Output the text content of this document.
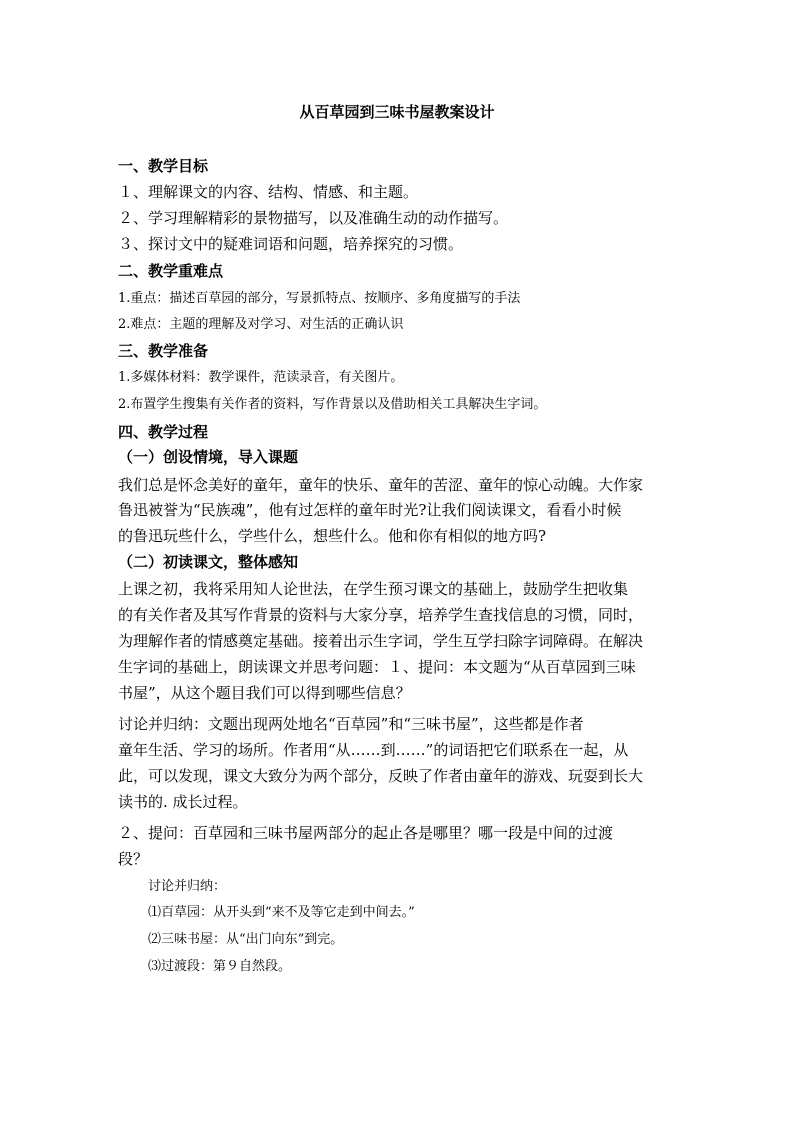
从百草园到三味书屋教案设计
一、教学目标
１、理解课文的内容、结构、情感、和主题。
２、学习理解精彩的景物描写，以及准确生动的动作描写。
３、探讨文中的疑难词语和问题，培养探究的习惯。
二、教学重难点
1.重点：描述百草园的部分，写景抓特点、按顺序、多角度描写的手法
2.难点：主题的理解及对学习、对生活的正确认识
三、教学准备
1.多媒体材料：教学课件，范读录音，有关图片。
2.布置学生搜集有关作者的资料，写作背景以及借助相关工具解决生字词。
四、教学过程
（一）创设情境，导入课题
我们总是怀念美好的童年，童年的快乐、童年的苦涩、童年的惊心动魄。大作家
鲁迅被誉为“民族魂”，他有过怎样的童年时光?让我们阅读课文，看看小时候
的鲁迅玩些什么，学些什么，想些什么。他和你有相似的地方吗?
（二）初读课文，整体感知
上课之初，我将采用知人论世法，在学生预习课文的基础上，鼓励学生把收集
的有关作者及其写作背景的资料与大家分享，培养学生查找信息的习惯，同时，
为理解作者的情感奠定基础。接着出示生字词，学生互学扫除字词障碍。在解决
生字词的基础上，朗读课文并思考问题：１、提问：本文题为“从百草园到三味
书屋”，从这个题目我们可以得到哪些信息？
讨论并归纳：文题出现两处地名“百草园”和“三味书屋”，这些都是作者
童年生活、学习的场所。作者用“从……到……”的词语把它们联系在一起，从
此，可以发现，课文大致分为两个部分，反映了作者由童年的游戏、玩耍到长大
读书的. 成长过程。
２、提问：百草园和三味书屋两部分的起止各是哪里？哪一段是中间的过渡
段？
讨论并归纳：
⑴百草园：从开头到“来不及等它走到中间去。”
⑵三味书屋：从“出门向东”到完。
⑶过渡段：第９自然段。
